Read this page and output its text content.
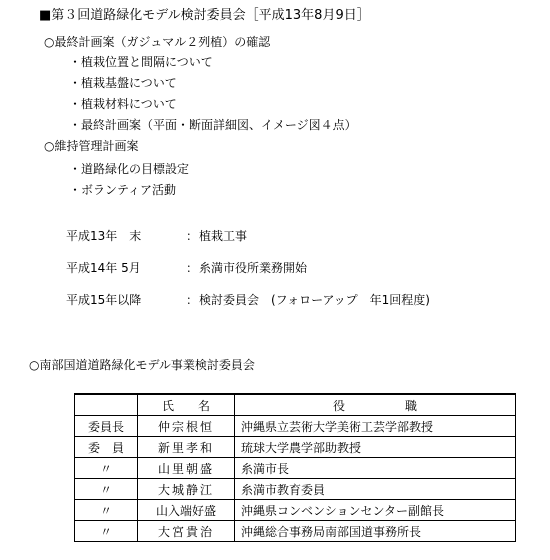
■第３回道路緑化モデル検討委員会［平成13年8月9日］
○最終計画案（ガジュマル２列植）の確認
・植栽位置と間隔について
・植栽基盤について
・植栽材料について
・最終計画案（平面・断面詳細図、イメージ図４点）
○維持管理計画案
・道路緑化の目標設定
・ボランティア活動
平成13年　末	： 植栽工事
平成14年 5月	： 糸満市役所業務開始
平成15年以降	： 検討委員会　(フォローアップ　年1回程度)
○南部国道道路緑化モデル事業検討委員会
	氏　　名	役　　　　　職
委員長	仲宗根恒	沖縄県立芸術大学美術工芸学部教授
委　員	新里孝和	琉球大学農学部助教授
〃	山里朝盛	糸満市長
〃	大城静江	糸満市教育委員
〃	山入端好盛	沖縄県コンベンションセンター副館長
〃	大宮貴治	沖縄総合事務局南部国道事務所長
